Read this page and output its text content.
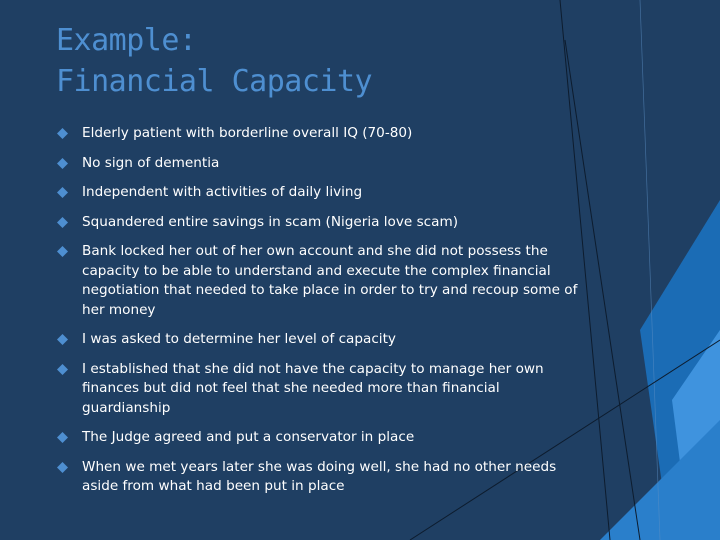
Example:
Financial Capacity
Elderly patient with borderline overall IQ (70-80)
No sign of dementia
Independent with activities of daily living
Squandered entire savings in scam (Nigeria love scam)
Bank locked her out of her own account and she did not possess the capacity to be able to understand and execute the complex financial negotiation that needed to take place in order to try and recoup some of her money
I was asked to determine her level of capacity
I established that she did not have the capacity to manage her own finances but did not feel that she needed more than financial guardianship
The Judge agreed and put a conservator in place
When we met years later she was doing well, she had no other needs aside from what had been put in place
